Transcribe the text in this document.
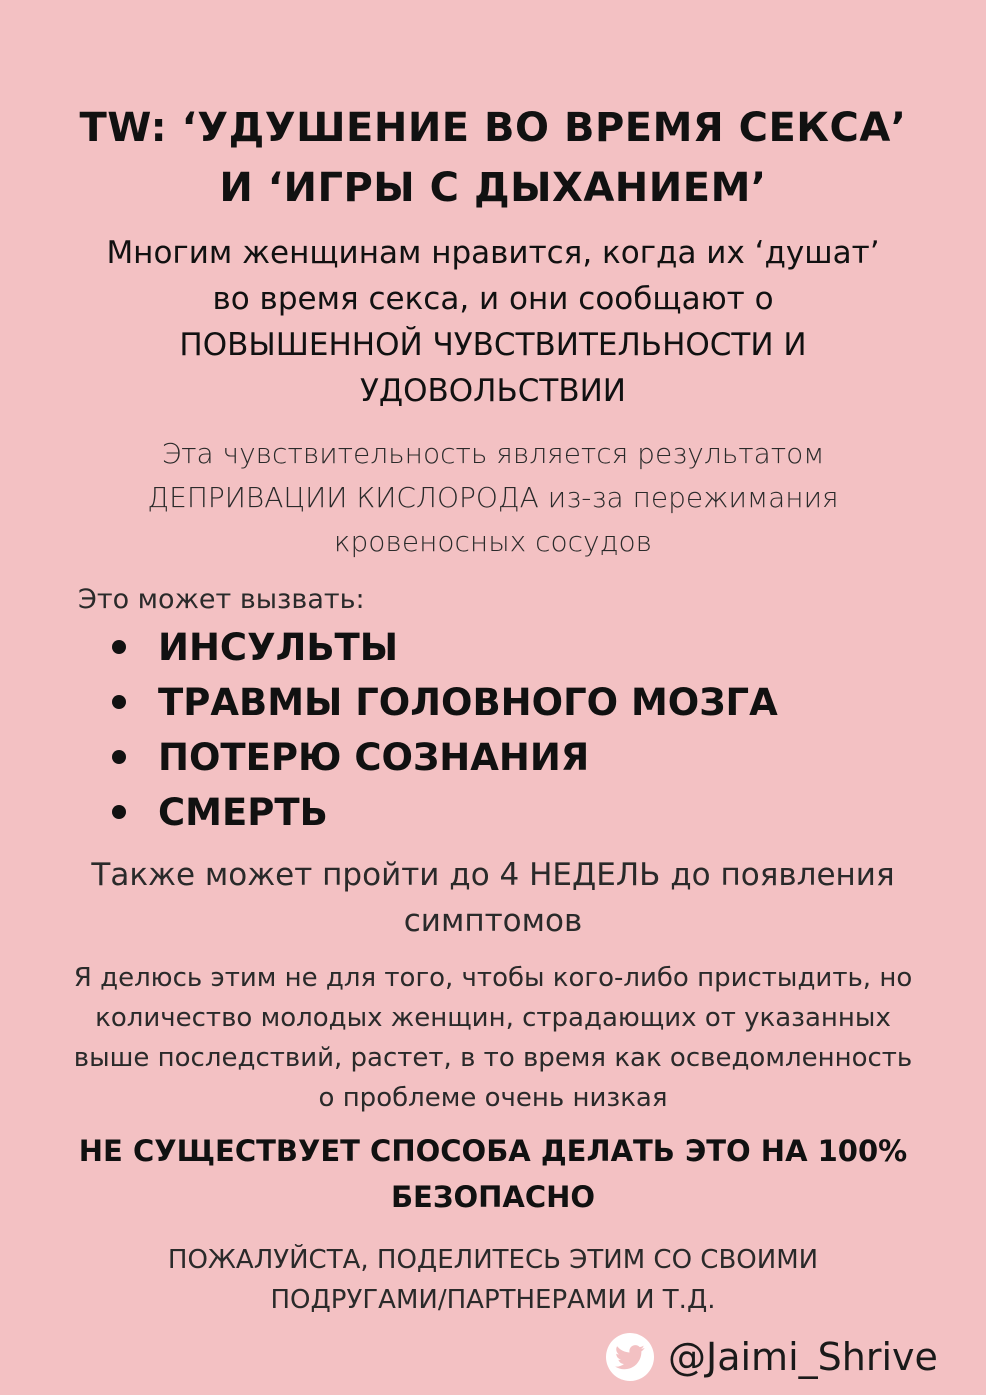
TW: ‘УДУШЕНИЕ ВО ВРЕМЯ СЕКСА’
И ‘ИГРЫ С ДЫХАНИЕМ’

Многим женщинам нравится, когда их ‘душат’
во время секса, и они сообщают о
ПОВЫШЕННОЙ ЧУВСТВИТЕЛЬНОСТИ И
УДОВОЛЬСТВИИ

Эта чувствительность является результатом
ДЕПРИВАЦИИ КИСЛОРОДА из-за пережимания
кровеносных сосудов

Это может вызвать:

ИНСУЛЬТЫ
ТРАВМЫ ГОЛОВНОГО МОЗГА
ПОТЕРЮ СОЗНАНИЯ
СМЕРТЬ

Также может пройти до 4 НЕДЕЛЬ до появления
симптомов

Я делюсь этим не для того, чтобы кого-либо пристыдить, но
количество молодых женщин, страдающих от указанных
выше последствий, растет, в то время как осведомленность
о проблеме очень низкая

НЕ СУЩЕСТВУЕТ СПОСОБА ДЕЛАТЬ ЭТО НА 100%
БЕЗОПАСНО

ПОЖАЛУЙСТА, ПОДЕЛИТЕСЬ ЭТИМ СО СВОИМИ
ПОДРУГАМИ/ПАРТНЕРАМИ И Т.Д.

@Jaimi_Shrive
